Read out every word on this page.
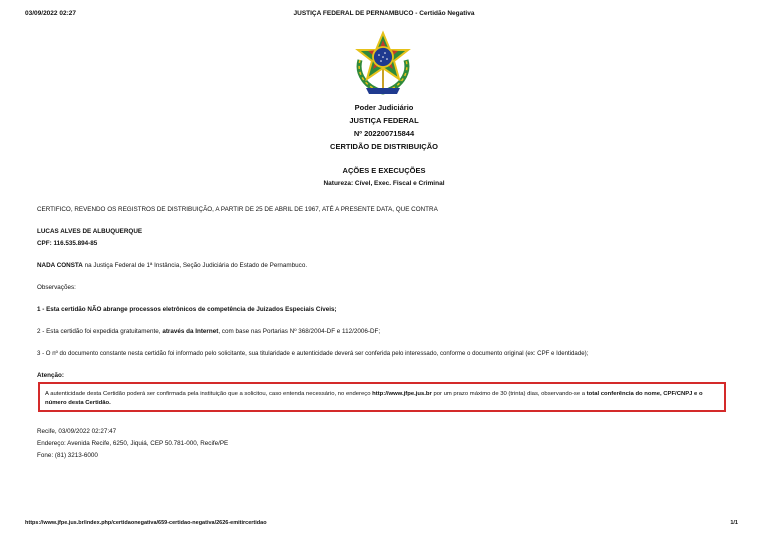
03/09/2022 02:27	JUSTIÇA FEDERAL DE PERNAMBUCO - Certidão Negativa
Poder Judiciário
JUSTIÇA FEDERAL
Nº 202200715844
CERTIDÃO DE DISTRIBUIÇÃO
AÇÕES E EXECUÇÕES
Natureza: Cível, Exec. Fiscal e Criminal
CERTIFICO, REVENDO OS REGISTROS DE DISTRIBUIÇÃO, A PARTIR DE 25 DE ABRIL DE 1967, ATÉ A PRESENTE DATA, QUE CONTRA
LUCAS ALVES DE ALBUQUERQUE
CPF: 116.535.894-85
NADA CONSTA na Justiça Federal de 1ª Instância, Seção Judiciária do Estado de Pernambuco.
Observações:
1 - Esta certidão NÃO abrange processos eletrônicos de competência de Juizados Especiais Cíveis;
2 - Esta certidão foi expedida gratuitamente, através da Internet, com base nas Portarias Nº 368/2004-DF e 112/2006-DF;
3 - O nº do documento constante nesta certidão foi informado pelo solicitante, sua titularidade e autenticidade deverá ser conferida pelo interessado, conforme o documento original (ex: CPF e Identidade);
Atenção:
A autenticidade desta Certidão poderá ser confirmada pela instituição que a solicitou, caso entenda necessário, no endereço http://www.jfpe.jus.br por um prazo máximo de 30 (trinta) dias, observando-se a total conferência do nome, CPF/CNPJ e o número desta Certidão.
Recife, 03/09/2022 02:27:47
Endereço: Avenida Recife, 6250, Jiquiá, CEP 50.781-000, Recife/PE
Fone: (81) 3213-6000
https://www.jfpe.jus.br/index.php/certidaonegativa/659-certidao-negativa/2626-emitircertidao	1/1
